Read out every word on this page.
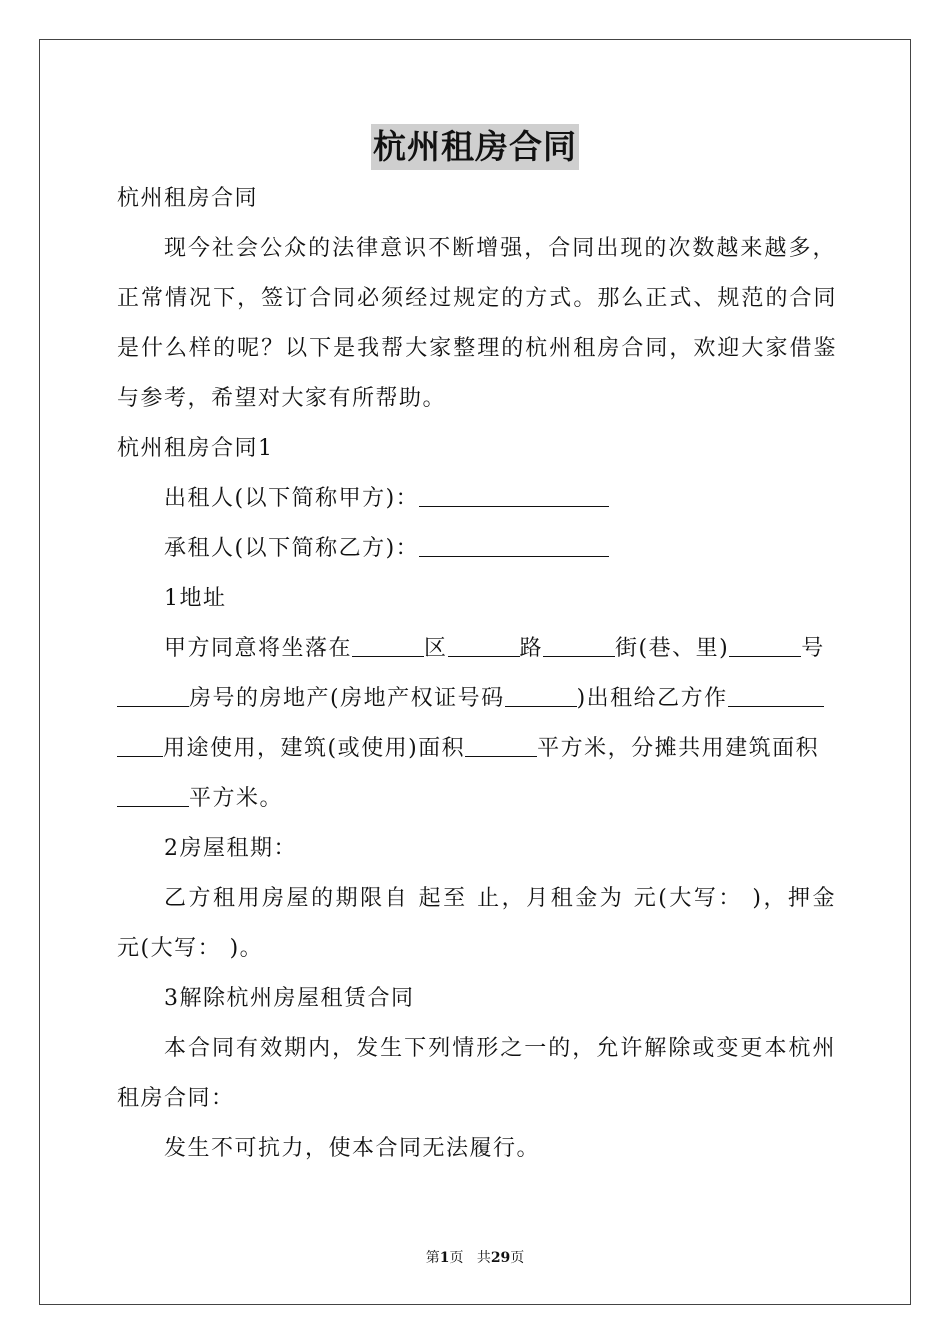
杭州租房合同
杭州租房合同
现今社会公众的法律意识不断增强，合同出现的次数越来越多，
正常情况下，签订合同必须经过规定的方式。那么正式、规范的合同
是什么样的呢？以下是我帮大家整理的杭州租房合同，欢迎大家借鉴
与参考，希望对大家有所帮助。
杭州租房合同1
出租人(以下简称甲方)：
承租人(以下简称乙方)：
1地址
甲方同意将坐落在	区	路	街(巷、里)	号
房号的房地产(房地产权证号码	)出租给乙方作
用途使用，建筑(或使用)面积	平方米，分摊共用建筑面积
平方米。
2房屋租期：
乙方租用房屋的期限自 起至 止，月租金为 元(大写： )，押金
元(大写： )。
3解除杭州房屋租赁合同
本合同有效期内，发生下列情形之一的，允许解除或变更本杭州
租房合同：
发生不可抗力，使本合同无法履行。
第1页 共29页
